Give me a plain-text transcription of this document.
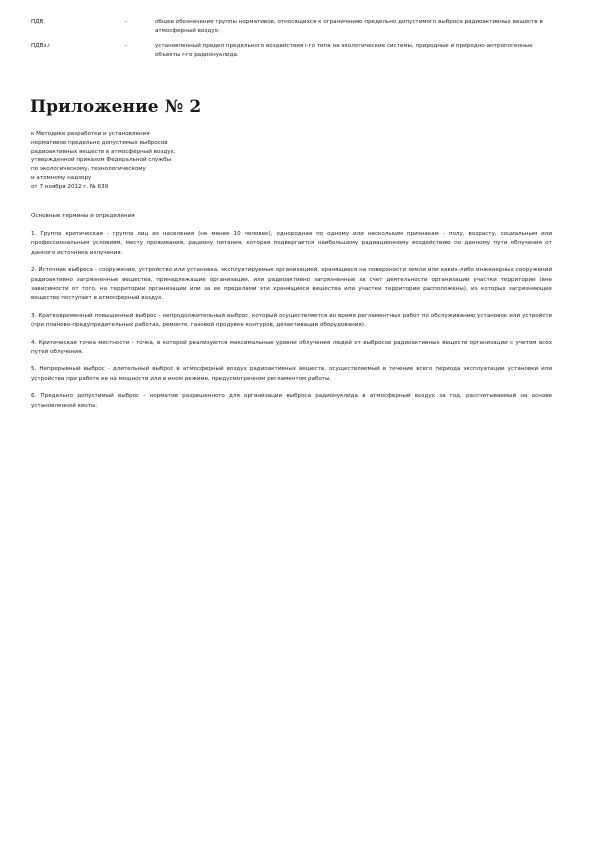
ПДВ	-	общее обозначение группы нормативов, относящихся к ограничению предельно допустимого выброса радиоактивных веществ в атмосферный воздух;
ПДВз,i	-	установленный предел предельного воздействия i-го типа на экологические системы, природные и природно-антропогенные объекты r-го радионуклида.
Приложение № 2
к Методике разработки и установления
нормативов предельно допустимых выбросов
радиоактивных веществ в атмосферный воздух,
утвержденной приказом Федеральной службы
по экологическому, технологическому
и атомному надзору
от 7 ноября 2012 г. № 639
Основные термины и определения

1. Группа критическая - группа лиц из населения (не менее 10 человек), однородная по одному или нескольким признакам - полу, возрасту, социальным или профессиональным условиям, месту проживания, рациону питания, которая подвергается наибольшему радиационному воздействию по данному пути облучения от данного источника излучения.

2. Источник выброса - сооружение, устройство или установка, эксплуатируемые организацией, хранящиеся на поверхности земли или каких-либо инженерных сооружений радиоактивно загрязненные вещества, принадлежащие организации, или радиоактивно загрязненные за счет деятельности организации участки территории (вне зависимости от того, на территории организации или за ее пределами эти хранящиеся вещества или участки территории расположены), из которых загрязняющее вещество поступает в атмосферный воздух.

3. Кратковременный повышенный выброс - непродолжительный выброс, который осуществляется во время регламентных работ по обслуживанию установок или устройств (при планово-предупредительных работах, ремонте, газовой продувке контуров, дезактивации оборудования).

4. Критическая точка местности - точка, в которой реализуются максимальные уровни облучения людей от выбросов радиоактивных веществ организации с учетом всех путей облучения.

5. Непрерывный выброс - длительный выброс в атмосферный воздух радиоактивных веществ, осуществляемый в течение всего периода эксплуатации установки или устройства при работе ее на мощности или в ином режиме, предусмотренном регламентом работы.

6. Предельно допустимый выброс - норматив разрешенного для организации выброса радионуклида в атмосферный воздух за год, рассчитываемый на основе установленной квоты.
